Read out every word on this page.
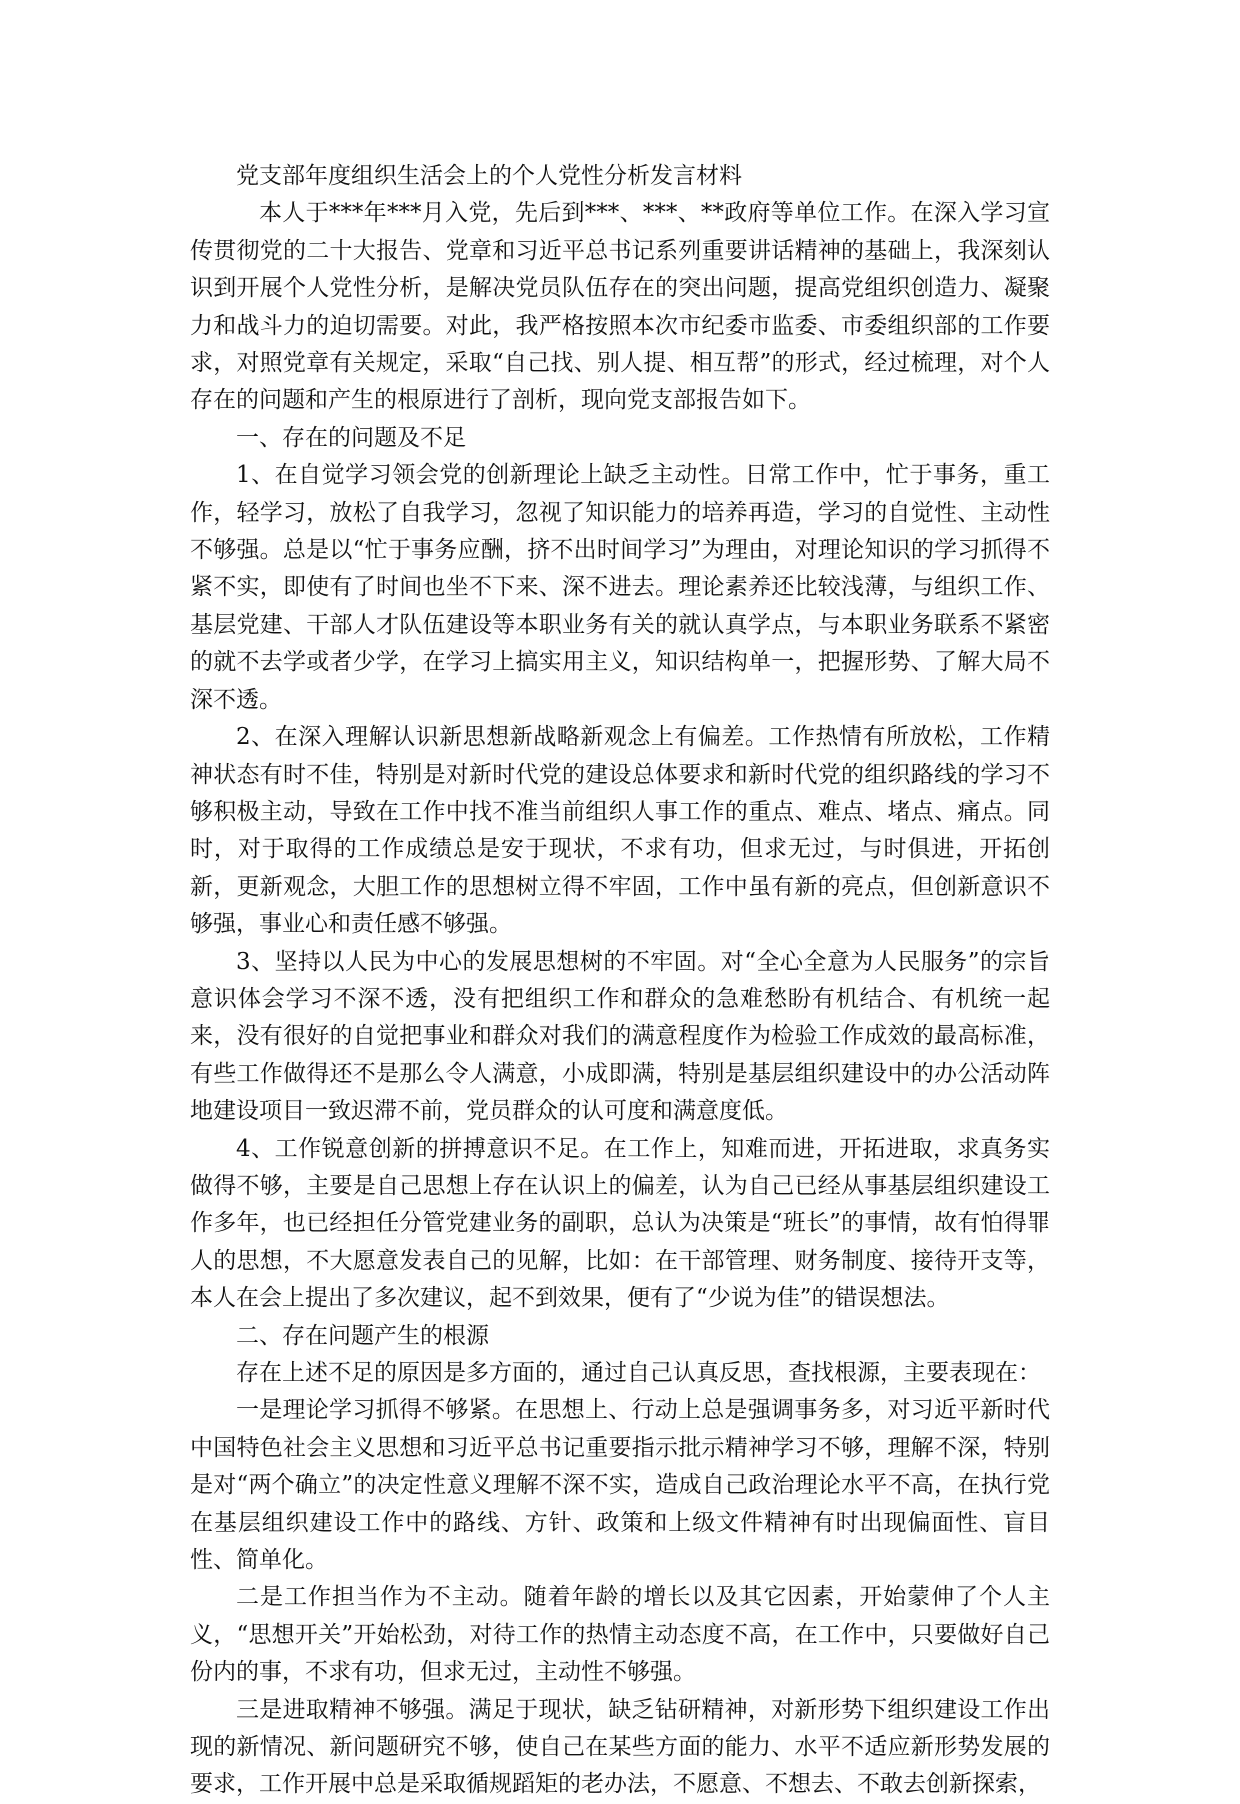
党支部年度组织生活会上的个人党性分析发言材料

本人于***年***月入党，先后到***、***、**政府等单位工作。在深入学习宣传贯彻党的二十大报告、党章和习近平总书记系列重要讲话精神的基础上，我深刻认识到开展个人党性分析，是解决党员队伍存在的突出问题，提高党组织创造力、凝聚力和战斗力的迫切需要。对此，我严格按照本次市纪委市监委、市委组织部的工作要求，对照党章有关规定，采取“自己找、别人提、相互帮”的形式，经过梳理，对个人存在的问题和产生的根原进行了剖析，现向党支部报告如下。

一、存在的问题及不足

1、在自觉学习领会党的创新理论上缺乏主动性。日常工作中，忙于事务，重工作，轻学习，放松了自我学习，忽视了知识能力的培养再造，学习的自觉性、主动性不够强。总是以“忙于事务应酬，挤不出时间学习”为理由，对理论知识的学习抓得不紧不实，即使有了时间也坐不下来、深不进去。理论素养还比较浅薄，与组织工作、基层党建、干部人才队伍建设等本职业务有关的就认真学点，与本职业务联系不紧密的就不去学或者少学，在学习上搞实用主义，知识结构单一，把握形势、了解大局不深不透。

2、在深入理解认识新思想新战略新观念上有偏差。工作热情有所放松，工作精神状态有时不佳，特别是对新时代党的建设总体要求和新时代党的组织路线的学习不够积极主动，导致在工作中找不准当前组织人事工作的重点、难点、堵点、痛点。同时，对于取得的工作成绩总是安于现状，不求有功，但求无过，与时俱进，开拓创新，更新观念，大胆工作的思想树立得不牢固，工作中虽有新的亮点，但创新意识不够强，事业心和责任感不够强。

3、坚持以人民为中心的发展思想树的不牢固。对“全心全意为人民服务”的宗旨意识体会学习不深不透，没有把组织工作和群众的急难愁盼有机结合、有机统一起来，没有很好的自觉把事业和群众对我们的满意程度作为检验工作成效的最高标准，有些工作做得还不是那么令人满意，小成即满，特别是基层组织建设中的办公活动阵地建设项目一致迟滞不前，党员群众的认可度和满意度低。

4、工作锐意创新的拼搏意识不足。在工作上，知难而进，开拓进取，求真务实做得不够，主要是自己思想上存在认识上的偏差，认为自己已经从事基层组织建设工作多年，也已经担任分管党建业务的副职，总认为决策是“班长”的事情，故有怕得罪人的思想，不大愿意发表自己的见解，比如：在干部管理、财务制度、接待开支等，本人在会上提出了多次建议，起不到效果，便有了“少说为佳”的错误想法。

二、存在问题产生的根源

存在上述不足的原因是多方面的，通过自己认真反思，查找根源，主要表现在：

一是理论学习抓得不够紧。在思想上、行动上总是强调事务多，对习近平新时代中国特色社会主义思想和习近平总书记重要指示批示精神学习不够，理解不深，特别是对“两个确立”的决定性意义理解不深不实，造成自己政治理论水平不高，在执行党在基层组织建设工作中的路线、方针、政策和上级文件精神有时出现偏面性、盲目性、简单化。

二是工作担当作为不主动。随着年龄的增长以及其它因素，开始蒙伸了个人主义，“思想开关”开始松劲，对待工作的热情主动态度不高，在工作中，只要做好自己份内的事，不求有功，但求无过，主动性不够强。

三是进取精神不够强。满足于现状，缺乏钻研精神，对新形势下组织建设工作出现的新情况、新问题研究不够，使自己在某些方面的能力、水平不适应新形势发展的要求，工作开展中总是采取循规蹈矩的老办法，不愿意、不想去、不敢去创新探索，
